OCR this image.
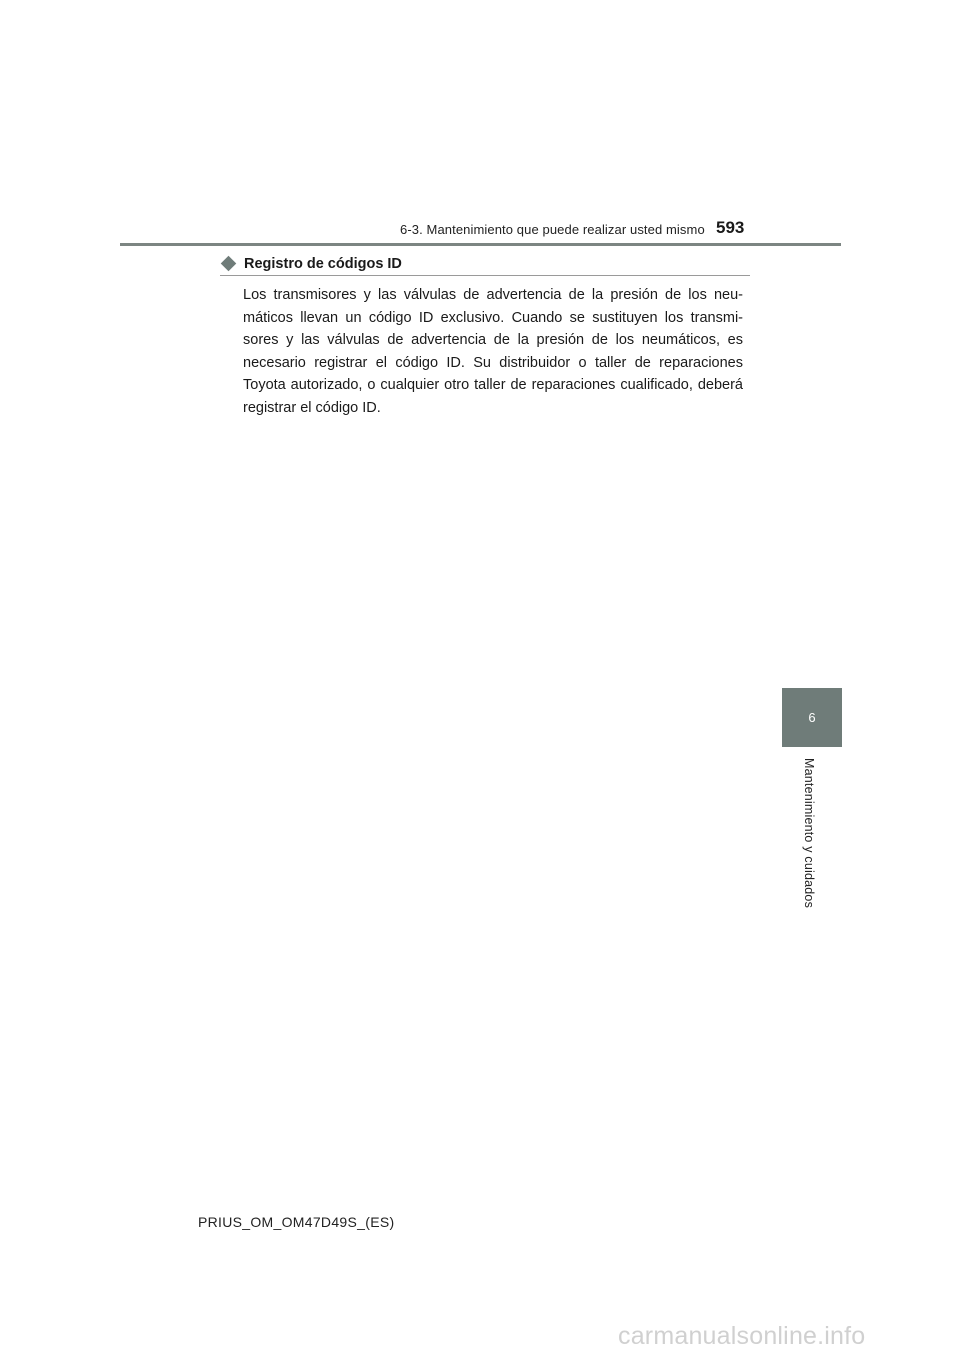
6-3. Mantenimiento que puede realizar usted mismo 593
Registro de códigos ID

Los transmisores y las válvulas de advertencia de la presión de los neu-máticos llevan un código ID exclusivo. Cuando se sustituyen los transmi-sores y las válvulas de advertencia de la presión de los neumáticos, es necesario registrar el código ID. Su distribuidor o taller de reparaciones Toyota autorizado, o cualquier otro taller de reparaciones cualificado, deberá registrar el código ID.

6
Mantenimiento y cuidados
PRIUS_OM_OM47D49S_(ES)
carmanualsonline.info
